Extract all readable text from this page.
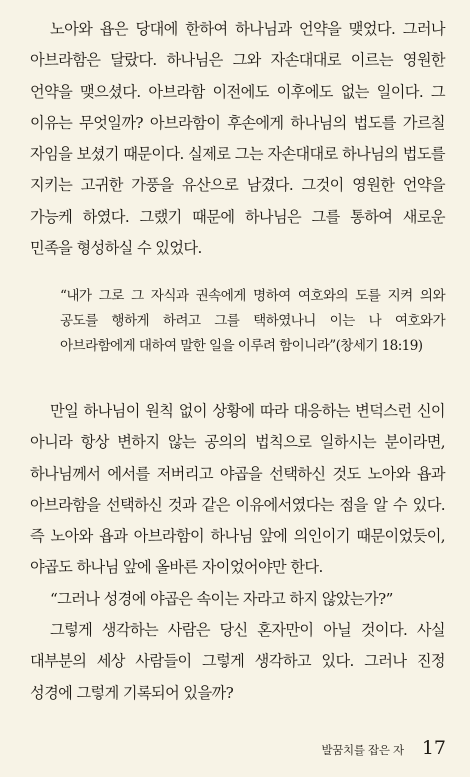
노아와 욥은 당대에 한하여 하나님과 언약을 맺었다. 그러나 아브라함은 달랐다. 하나님은 그와 자손대대로 이르는 영원한 언약을 맺으셨다. 아브라함 이전에도 이후에도 없는 일이다. 그 이유는 무엇일까? 아브라함이 후손에게 하나님의 법도를 가르칠 자임을 보셨기 때문이다. 실제로 그는 자손대대로 하나님의 법도를 지키는 고귀한 가풍을 유산으로 남겼다. 그것이 영원한 언약을 가능케 하였다. 그랬기 때문에 하나님은 그를 통하여 새로운 민족을 형성하실 수 있었다.

“내가 그로 그 자식과 권속에게 명하여 여호와의 도를 지켜 의와 공도를 행하게 하려고 그를 택하였나니 이는 나 여호와가 아브라함에게 대하여 말한 일을 이루려 함이니라”(창세기 18:19)

만일 하나님이 원칙 없이 상황에 따라 대응하는 변덕스런 신이 아니라 항상 변하지 않는 공의의 법칙으로 일하시는 분이라면, 하나님께서 에서를 저버리고 야곱을 선택하신 것도 노아와 욥과 아브라함을 선택하신 것과 같은 이유에서였다는 점을 알 수 있다. 즉 노아와 욥과 아브라함이 하나님 앞에 의인이기 때문이었듯이, 야곱도 하나님 앞에 올바른 자이었어야만 한다.

“그러나 성경에 야곱은 속이는 자라고 하지 않았는가?”

그렇게 생각하는 사람은 당신 혼자만이 아닐 것이다. 사실 대부분의 세상 사람들이 그렇게 생각하고 있다. 그러나 진정 성경에 그렇게 기록되어 있을까?

발꿈치를 잡은 자 17
